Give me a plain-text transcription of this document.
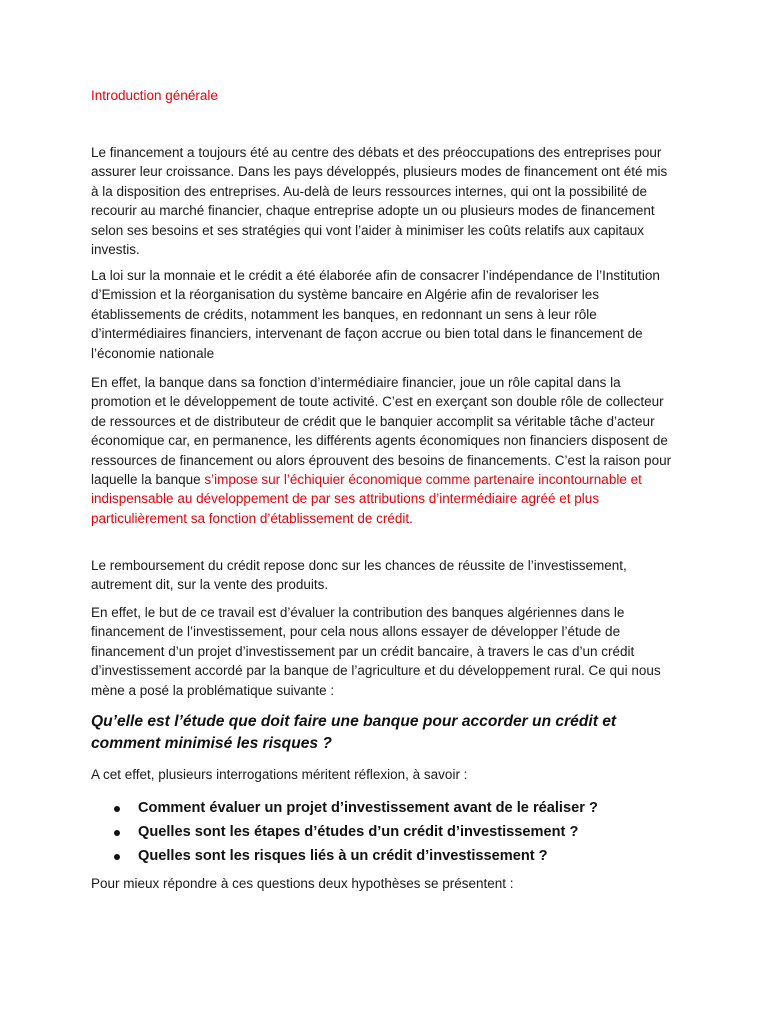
Introduction générale

Le financement a toujours été au centre des débats et des préoccupations des entreprises pour assurer leur croissance. Dans les pays développés, plusieurs modes de financement ont été mis à la disposition des entreprises. Au-delà de leurs ressources internes, qui ont la possibilité de recourir au marché financier, chaque entreprise adopte un ou plusieurs modes de financement selon ses besoins et ses stratégies qui vont l’aider à minimiser les coûts relatifs aux capitaux investis.

La loi sur la monnaie et le crédit a été élaborée afin de consacrer l’indépendance de l’Institution d’Emission et la réorganisation du système bancaire en Algérie afin de revaloriser les établissements de crédits, notamment les banques, en redonnant un sens à leur rôle d’intermédiaires financiers, intervenant de façon accrue ou bien total dans le financement de l’économie nationale

En effet, la banque dans sa fonction d’intermédiaire financier, joue un rôle capital dans la promotion et le développement de toute activité. C’est en exerçant son double rôle de collecteur de ressources et de distributeur de crédit que le banquier accomplit sa véritable tâche d’acteur économique car, en permanence, les différents agents économiques non financiers disposent de ressources de financement ou alors éprouvent des besoins de financements. C’est la raison pour laquelle la banque s’impose sur l’échiquier économique comme partenaire incontournable et indispensable au développement de par ses attributions d’intermédiaire agréé et plus particulièrement sa fonction d’établissement de crédit.

Le remboursement du crédit repose donc sur les chances de réussite de l’investissement, autrement dit, sur la vente des produits.

En effet, le but de ce travail est d’évaluer la contribution des banques algériennes dans le financement de l’investissement, pour cela nous allons essayer de développer l’étude de financement d’un projet d’investissement par un crédit bancaire, à travers le cas d’un crédit d’investissement accordé par la banque de l’agriculture et du développement rural. Ce qui nous mène a posé la problématique suivante :

Qu’elle est l’étude que doit faire une banque pour accorder un crédit et comment minimisé les risques ?

A cet effet, plusieurs interrogations méritent réflexion, à savoir :

Comment évaluer un projet d’investissement avant de le réaliser ?
Quelles sont les étapes d’études d’un crédit d’investissement ?
Quelles sont les risques liés à un crédit d’investissement ?

Pour mieux répondre à ces questions deux hypothèses se présentent :
